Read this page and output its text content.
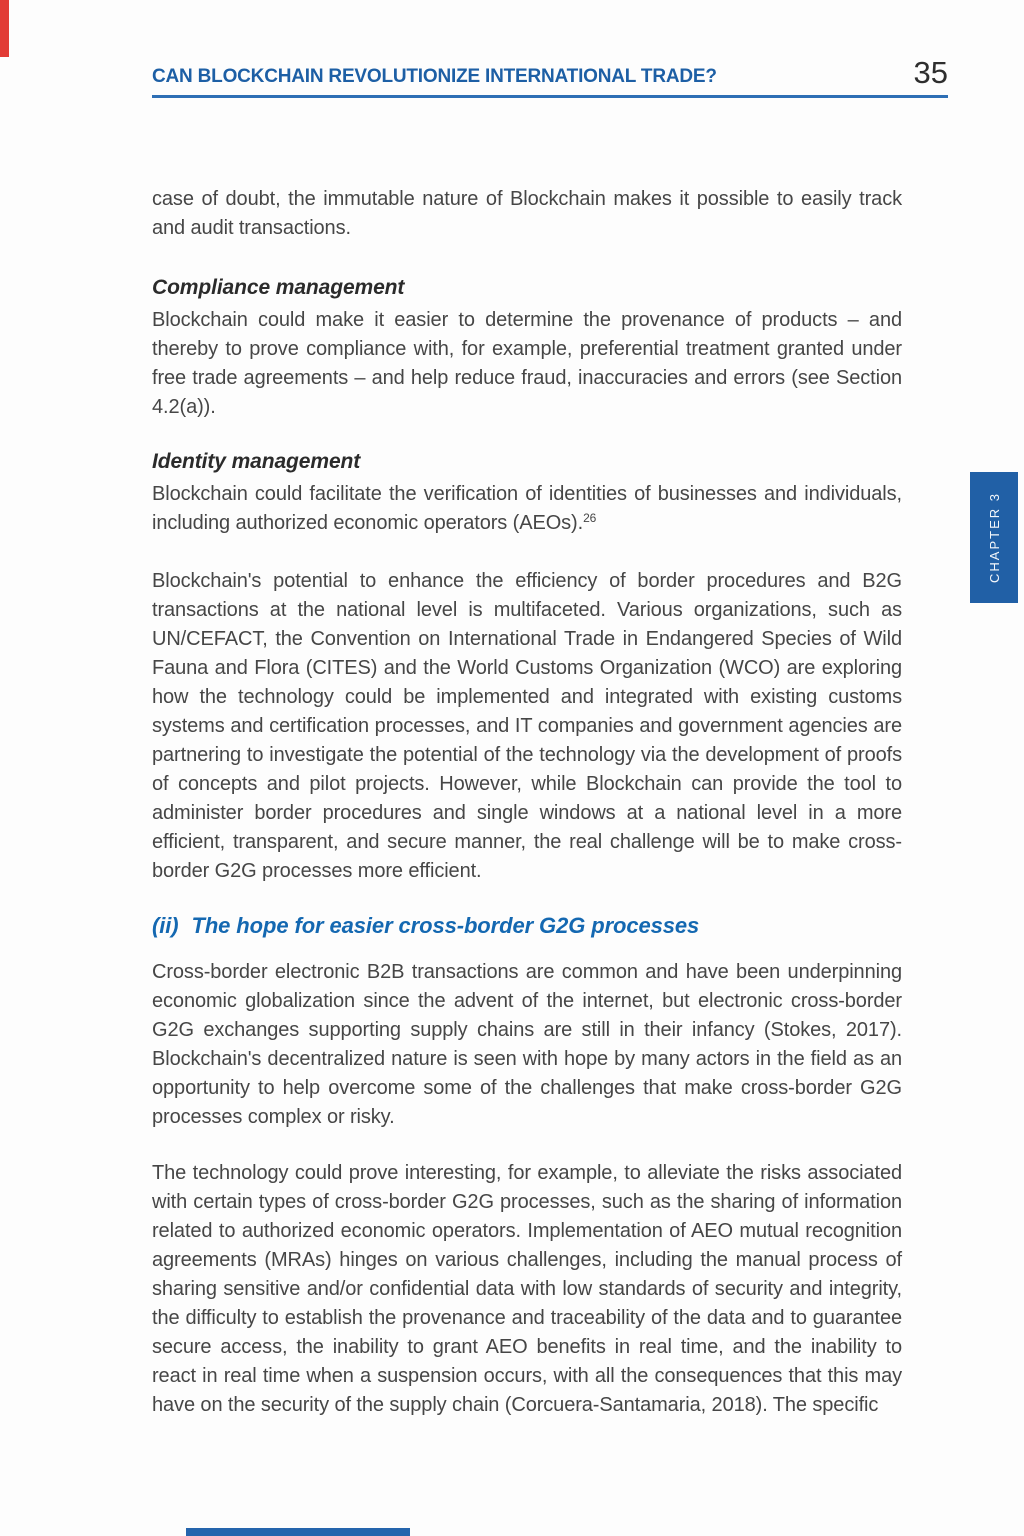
CAN BLOCKCHAIN REVOLUTIONIZE INTERNATIONAL TRADE?	35
CHAPTER 3

case of doubt, the immutable nature of Blockchain makes it possible to easily track and audit transactions.

Compliance management

Blockchain could make it easier to determine the provenance of products – and thereby to prove compliance with, for example, preferential treatment granted under free trade agreements – and help reduce fraud, inaccuracies and errors (see Section 4.2(a)).

Identity management

Blockchain could facilitate the verification of identities of businesses and individuals, including authorized economic operators (AEOs).$^{26}$

Blockchain's potential to enhance the efficiency of border procedures and B2G transactions at the national level is multifaceted. Various organizations, such as UN/CEFACT, the Convention on International Trade in Endangered Species of Wild Fauna and Flora (CITES) and the World Customs Organization (WCO) are exploring how the technology could be implemented and integrated with existing customs systems and certification processes, and IT companies and government agencies are partnering to investigate the potential of the technology via the development of proofs of concepts and pilot projects. However, while Blockchain can provide the tool to administer border procedures and single windows at a national level in a more efficient, transparent, and secure manner, the real challenge will be to make cross-border G2G processes more efficient.

(ii) The hope for easier cross-border G2G processes

Cross-border electronic B2B transactions are common and have been underpinning economic globalization since the advent of the internet, but electronic cross-border G2G exchanges supporting supply chains are still in their infancy (Stokes, 2017). Blockchain's decentralized nature is seen with hope by many actors in the field as an opportunity to help overcome some of the challenges that make cross-border G2G processes complex or risky.

The technology could prove interesting, for example, to alleviate the risks associated with certain types of cross-border G2G processes, such as the sharing of information related to authorized economic operators. Implementation of AEO mutual recognition agreements (MRAs) hinges on various challenges, including the manual process of sharing sensitive and/or confidential data with low standards of security and integrity, the difficulty to establish the provenance and traceability of the data and to guarantee secure access, the inability to grant AEO benefits in real time, and the inability to react in real time when a suspension occurs, with all the consequences that this may have on the security of the supply chain (Corcuera-Santamaria, 2018). The specific
